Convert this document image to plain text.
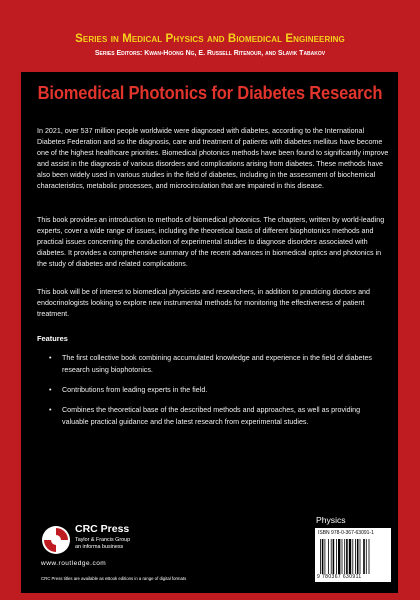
Series in Medical Physics and Biomedical Engineering
Series Editors: Kwan-Hoong Ng, E. Russell Ritenour, and Slavik Tabakov
Biomedical Photonics for Diabetes Research
In 2021, over 537 million people worldwide were diagnosed with diabetes, according to the International Diabetes Federation and so the diagnosis, care and treatment of patients with diabetes mellitus have become one of the highest healthcare priorities. Biomedical photonics methods have been found to significantly improve and assist in the diagnosis of various disorders and complications arising from diabetes. These methods have also been widely used in various studies in the field of diabetes, including in the assessment of biochemical characteristics, metabolic processes, and microcirculation that are impaired in this disease.
This book provides an introduction to methods of biomedical photonics. The chapters, written by world-leading experts, cover a wide range of issues, including the theoretical basis of different biophotonics methods and practical issues concerning the conduction of experimental studies to diagnose disorders associated with diabetes. It provides a comprehensive summary of the recent advances in biomedical optics and photonics in the study of diabetes and related complications.
This book will be of interest to biomedical physicists and researchers, in addition to practicing doctors and endocrinologists looking to explore new instrumental methods for monitoring the effectiveness of patient treatment.
Features
• The first collective book combining accumulated knowledge and experience in the field of diabetes research using biophotonics.
• Contributions from leading experts in the field.
• Combines the theoretical base of the described methods and approaches, as well as providing valuable practical guidance and the latest research from experimental studies.
CRC Press
Taylor & Francis Group
an informa business
www.routledge.com
CRC Press titles are available as eBook editions in a range of digital formats
Physics
ISBN 978-0-367-63091-1
9 780367 630911
